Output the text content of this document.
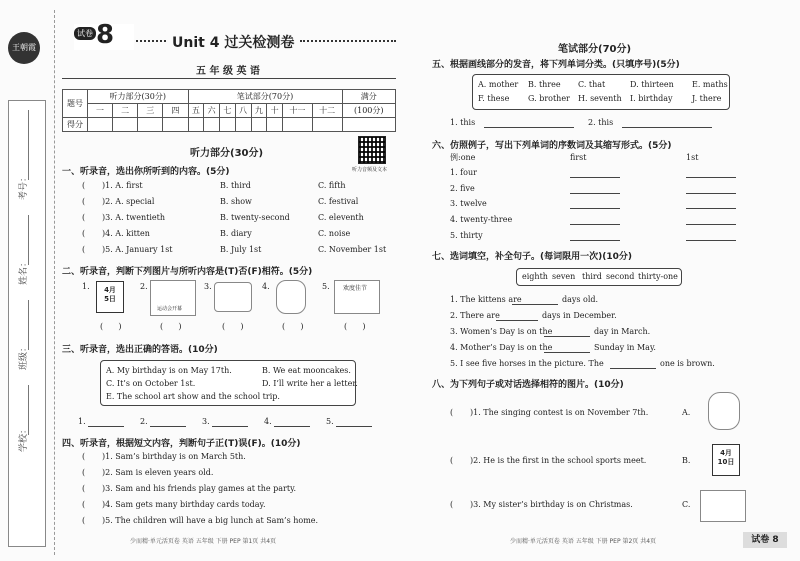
王朝霞
考号：
姓名：
班级：
学校：
试卷 8	Unit 4 过关检测卷
五 年 级 英 语
题号	听力部分(30分)				笔试部分(70分)								满分
	一	二	三	四	五	六	七	八	九	十	十一	十二	(100分)
得分													
听力部分(30分)
听力音频及文本
一、听录音，选出你所听到的内容。(5分)
( )1. A. first	B. third	C. fifth
( )2. A. special	B. show	C. festival
( )3. A. twentieth	B. twenty-second	C. eleventh
( )4. A. kitten	B. diary	C. noise
( )5. A. January 1st	B. July 1st	C. November 1st
二、听录音，判断下列图片与所听内容是(T)否(F)相符。(5分)
1.	4月
5日
2.
运动会开幕
3.	4.	5. 欢度佳节
(      )	(      )	(      )	(      )	(      )
三、听录音，选出正确的答语。(10分)
A. My birthday is on May 17th.	B. We eat mooncakes.
C. It’s on October 1st.	D. I’ll write her a letter.
E. The school art show and the school trip.
1.	2.	3.	4.	5.
四、听录音，根据短文内容，判断句子正(T)误(F)。(10分)
( )1. Sam’s birthday is on March 5th.
( )2. Sam is eleven years old.
( )3. Sam and his friends play games at the party.
( )4. Sam gets many birthday cards today.
( )5. The children will have a big lunch at Sam’s home.
少而精·单元活页卷 英语 五年级 下册 PEP 第1页 共4页
笔试部分(70分)
五、根据画线部分的发音，将下列单词分类。(只填序号)(5分)
A. mother B. three C. that	D. thirteen E. maths
F. these G. brother H. seventh I. birthday J. there
1. this	2. this
六、仿照例子，写出下列单词的序数词及其缩写形式。(5分)
例:one	first	1st
1. four
2. five
3. twelve
4. twenty-three
5. thirty
七、选词填空，补全句子。(每词限用一次)(10分)
eighth seven third second thirty-one
1. The kittens are	days old.
2. There are	days in December.
3. Women’s Day is on the	day in March.
4. Mother’s Day is on the	Sunday in May.
5. I see five horses in the picture. The	one is brown.
八、为下列句子或对话选择相符的图片。(10分)
( )1. The singing contest is on November 7th.	A.
( )2. He is the first in the school sports meet.	B.
4月
10日
( )3. My sister’s birthday is on Christmas.	C.
少而精·单元活页卷 英语 五年级 下册 PEP 第2页 共4页	试卷 8
